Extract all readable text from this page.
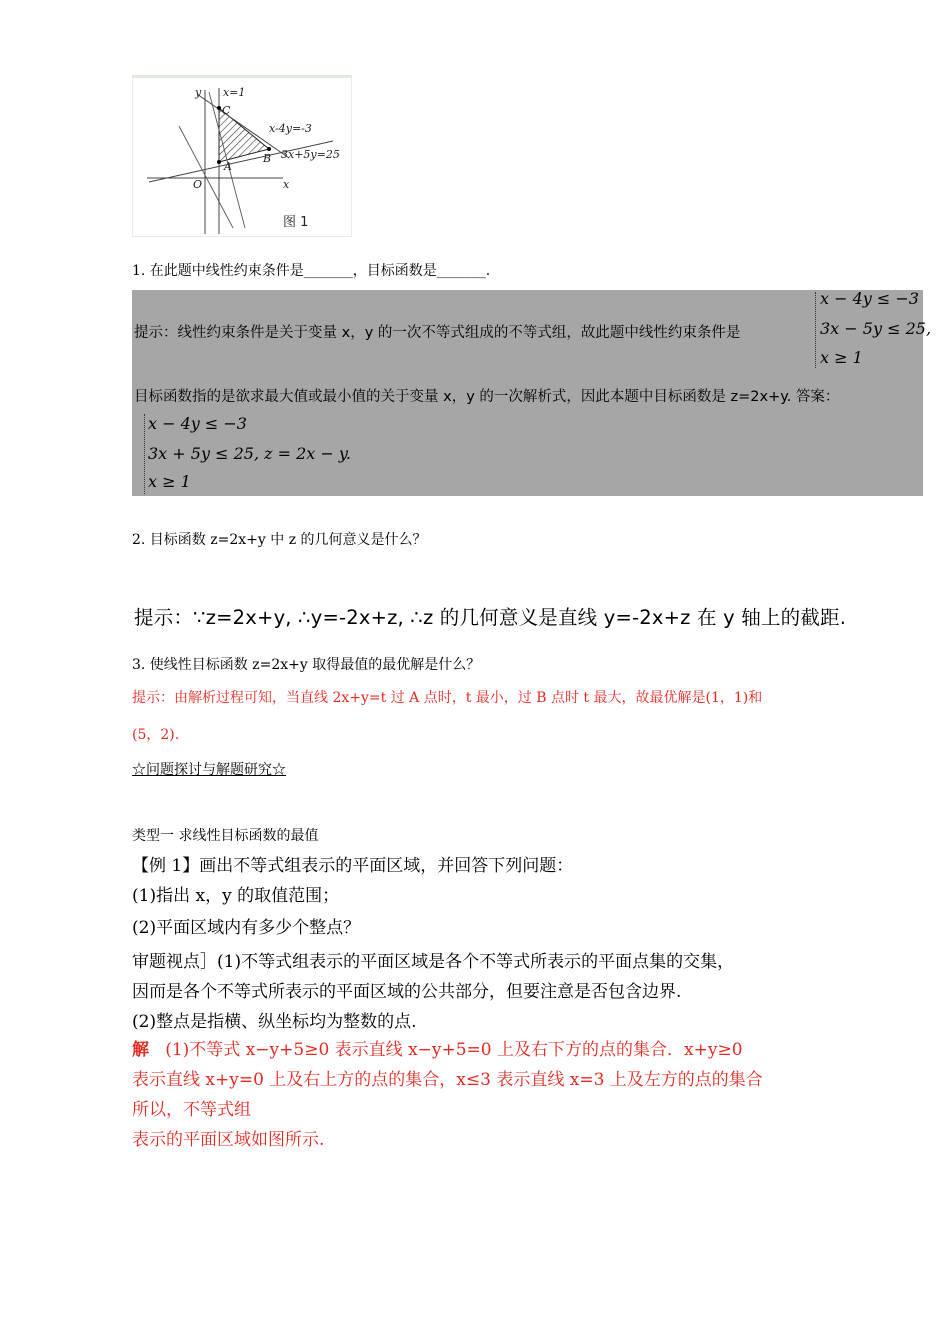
y x=1
C
x-4y=-3
B 3x+5y=25
A
O	x
图 1
1. 在此题中线性约束条件是_______，目标函数是_______.
提示：线性约束条件是关于变量 x，y 的一次不等式组成的不等式组，故此题中线性约束条件是
x − 4y ≤ −3
3x − 5y ≤ 25,
x ≥ 1
目标函数指的是欲求最大值或最小值的关于变量 x，y 的一次解析式，因此本题中目标函数是 z=2x+y. 答案：
x − 4y ≤ −3
3x + 5y ≤ 25, z = 2x − y.
x ≥ 1
2. 目标函数 z=2x+y 中 z 的几何意义是什么？
提示：∵z=2x+y, ∴y=-2x+z, ∴z 的几何意义是直线 y=-2x+z 在 y 轴上的截距.
3. 使线性目标函数 z=2x+y 取得最值的最优解是什么？
提示：由解析过程可知，当直线 2x+y=t 过 A 点时，t 最小，过 B 点时 t 最大，故最优解是(1，1)和
(5，2).
☆问题探讨与解题研究☆
类型一 求线性目标函数的最值
【例 1】画出不等式组表示的平面区域，并回答下列问题：
(1)指出 x，y 的取值范围；
(2)平面区域内有多少个整点？
审题视点］(1)不等式组表示的平面区域是各个不等式所表示的平面点集的交集，
因而是各个不等式所表示的平面区域的公共部分，但要注意是否包含边界.
(2)整点是指横、纵坐标均为整数的点.
解 (1)不等式 x−y+5≥0 表示直线 x−y+5=0 上及右下方的点的集合．x+y≥0
表示直线 x+y=0 上及右上方的点的集合，x≤3 表示直线 x=3 上及左方的点的集合
所以，不等式组
表示的平面区域如图所示.
